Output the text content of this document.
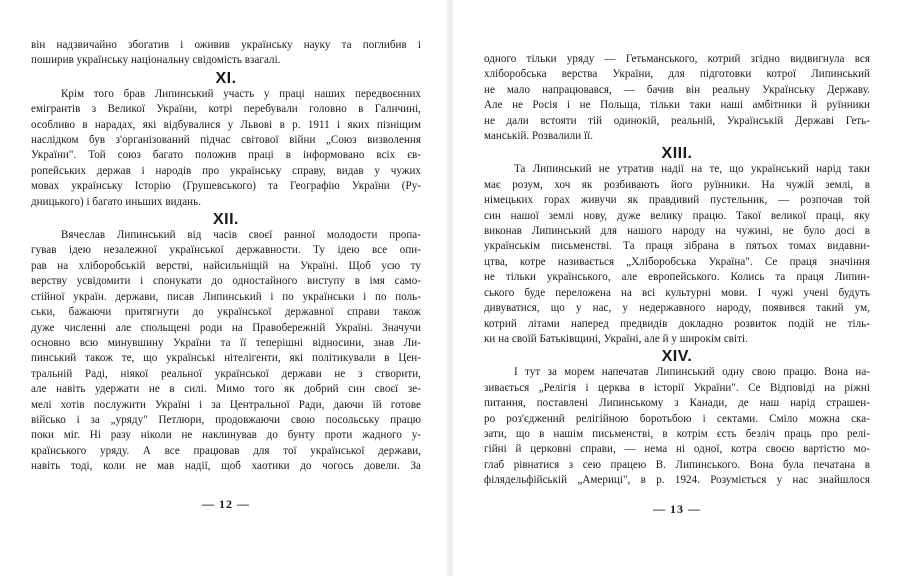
він надзвичайно збогатив і оживив українську науку та поглибив і
поширив українську національну свідомість взагалі.
XI.
Крім того брав Липинський участь у праці наших передвоєнних
емігрантів з Великої України, котрі перебували головно в Галичині,
особливо в нарадах, які відбувалися у Львові в р. 1911 і яких пізніщим
наслідком був з'організований підчас світової війни „Союз визволення
України". Той союз багато положив праці в інформовано всіх єв-
ропейських держав і народів про українську справу, видав у чужих
мовах українську Історію (Грушевського) та Географію України (Ру-
дницького) і багато иньших видань.
XII.
Вячеслав Липинський від часів своєї ранної молодости пропа-
гував ідею незалежної української державности. Ту ідею все опи-
рав на хліборобській верстві, найсильніщій на Україні. Щоб усю ту
верству усвідомити і спонукати до одностайного виступу в імя само-
стійної україн. держави, писав Липинський і по українськи і по поль-
ськи, бажаючи притягнути до української державної справи також
дуже численні але спольщені роди на Правобережній Україні. Значучи
основно всю минувшину України та її теперішні відносини, знав Ли-
пинський також те, що українські нітелігенти, які політикували в Цен-
тральній Раді, ніякої реальної української держави не з створити,
але навіть удержати не в силі. Мимо того як добрий син своєї зе-
мелі хотів послужити Україні і за Центральної Ради, даючи їй готове
військо і за „уряду" Петлюри, продовжаючи свою посольську працю
поки міг. Ні разу ніколи не наклинував до бунту проти жадного у-
країнського уряду. А все працював для тої української держави,
навіть тоді, коли не мав надії, щоб хаотики до чогось довели. За
— 12 —
одного тільки уряду — Гетьманського, котрий згідно видвигнула вся
хліборобська верства України, для підготовки котрої Липинський
не мало напрацювався, — бачив він реальну Українську Державу.
Але не Росія і не Польща, тільки таки наші амбітники й руїнники
не дали встояти тій одинокій, реальній, Українській Державі Геть-
манській. Розвалили її.
XIII.
Та Липинський не утратив надії на те, що український нарід таки
має розум, хоч як розбивають його руїнники. На чужій землі, в
німецьких горах живучи як правдивий пустельник, — розпочав той
син нашої землі нову, дуже велику працю. Такої великої праці, яку
виконав Липинський для нашого народу на чужині, не було досі в
українськім письменстві. Та праця зібрана в пятьох томах видавни-
цтва, котре називається „Хліборобська Україна". Се праця значіння
не тільки українського, але европейського. Колись та праця Липин-
ського буде переложена на всі культурні мови. І чужі учені будуть
дивуватися, що у нас, у недержавного народу, появився такий ум,
котрий літами наперед предвидів докладно розвиток подій не тіль-
ки на своїй Батьківщині, Україні, але й у широкім світі.
XIV.
І тут за морем напечатав Липинський одну свою працю. Вона на-
зивається „Релігія і церква в історії України". Се Відповіді на ріжні
питання, поставлені Липинському з Канади, де наш нарід страшен-
ро роз'єджений релігійною боротьбою і сектами. Сміло можна ска-
зати, що в нашім письменстві, в котрім єсть безліч праць про релі-
гійні й церковні справи, — нема ні одної, котра своєю вартістю мо-
глаб рівнатися з сею працею В. Липинського. Вона була печатана в
філядельфійській „Америці", в р. 1924. Розуміється у нас знайшлося
— 13 —
